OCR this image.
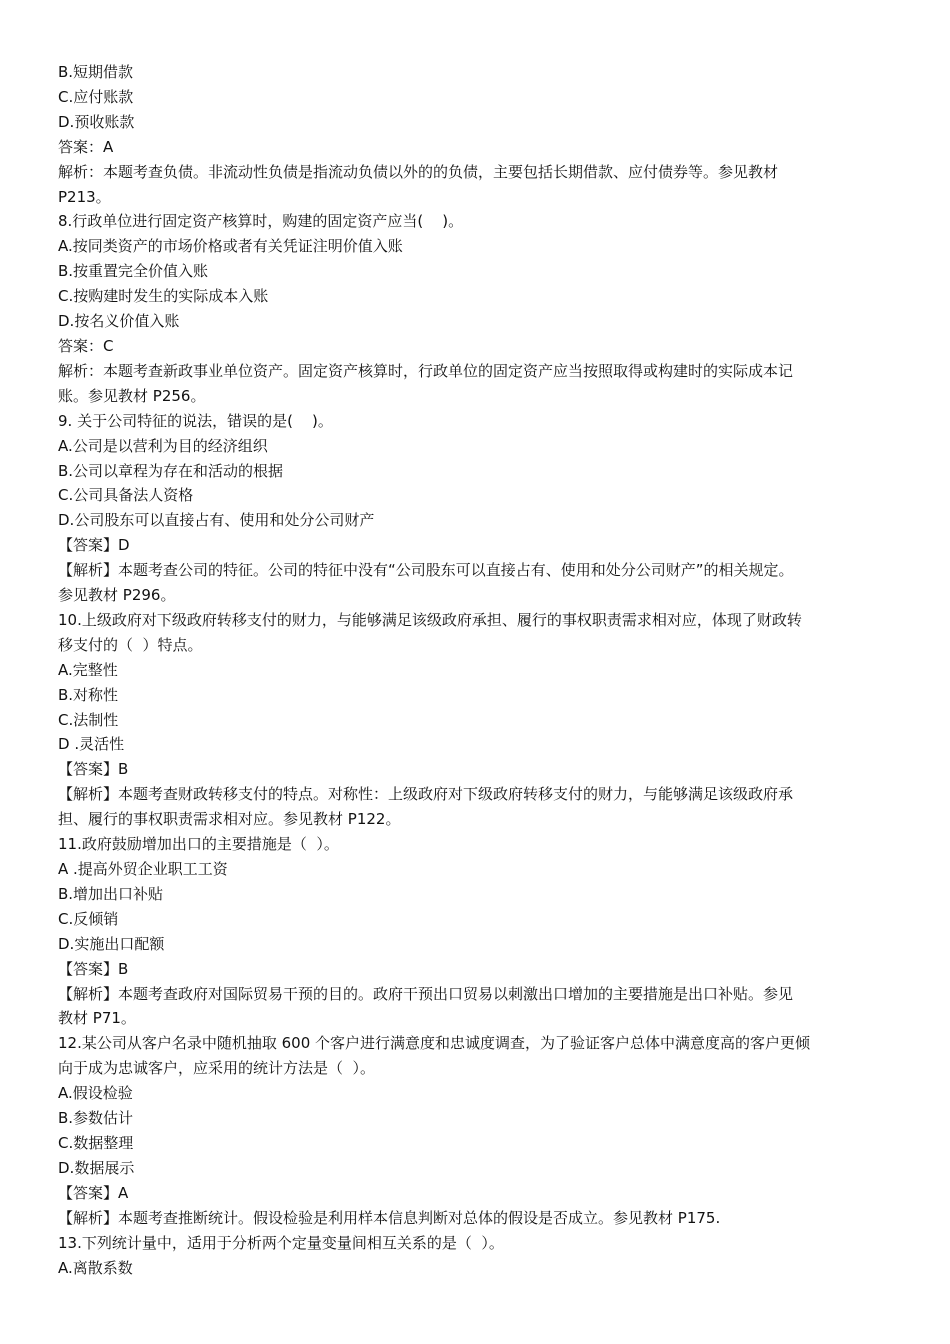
B.短期借款
C.应付账款
D.预收账款
答案：A
解析：本题考查负债。非流动性负债是指流动负债以外的的负债，主要包括长期借款、应付债券等。参见教材
P213。
8.行政单位进行固定资产核算时，购建的固定资产应当(    )。
A.按同类资产的市场价格或者有关凭证注明价值入账
B.按重置完全价值入账
C.按购建时发生的实际成本入账
D.按名义价值入账
答案：C
解析：本题考查新政事业单位资产。固定资产核算时，行政单位的固定资产应当按照取得或构建时的实际成本记
账。参见教材 P256。
9. 关于公司特征的说法，错误的是(    )。
A.公司是以营利为目的经济组织
B.公司以章程为存在和活动的根据
C.公司具备法人资格
D.公司股东可以直接占有、使用和处分公司财产
【答案】D
【解析】本题考查公司的特征。公司的特征中没有“公司股东可以直接占有、使用和处分公司财产”的相关规定。
参见教材 P296。
10.上级政府对下级政府转移支付的财力，与能够满足该级政府承担、履行的事权职责需求相对应，体现了财政转
移支付的（  ）特点。
A.完整性
B.对称性
C.法制性
D .灵活性
【答案】B
【解析】本题考查财政转移支付的特点。对称性：上级政府对下级政府转移支付的财力，与能够满足该级政府承
担、履行的事权职责需求相对应。参见教材 P122。
11.政府鼓励增加出口的主要措施是（  ）。
A .提高外贸企业职工工资
B.增加出口补贴
C.反倾销
D.实施出口配额
【答案】B
【解析】本题考查政府对国际贸易干预的目的。政府干预出口贸易以刺激出口增加的主要措施是出口补贴。参见
教材 P71。
12.某公司从客户名录中随机抽取 600 个客户进行满意度和忠诚度调查，为了验证客户总体中满意度高的客户更倾
向于成为忠诚客户，应采用的统计方法是（  ）。
A.假设检验
B.参数估计
C.数据整理
D.数据展示
【答案】A
【解析】本题考查推断统计。假设检验是利用样本信息判断对总体的假设是否成立。参见教材 P175.
13.下列统计量中，适用于分析两个定量变量间相互关系的是（  ）。
A.离散系数
